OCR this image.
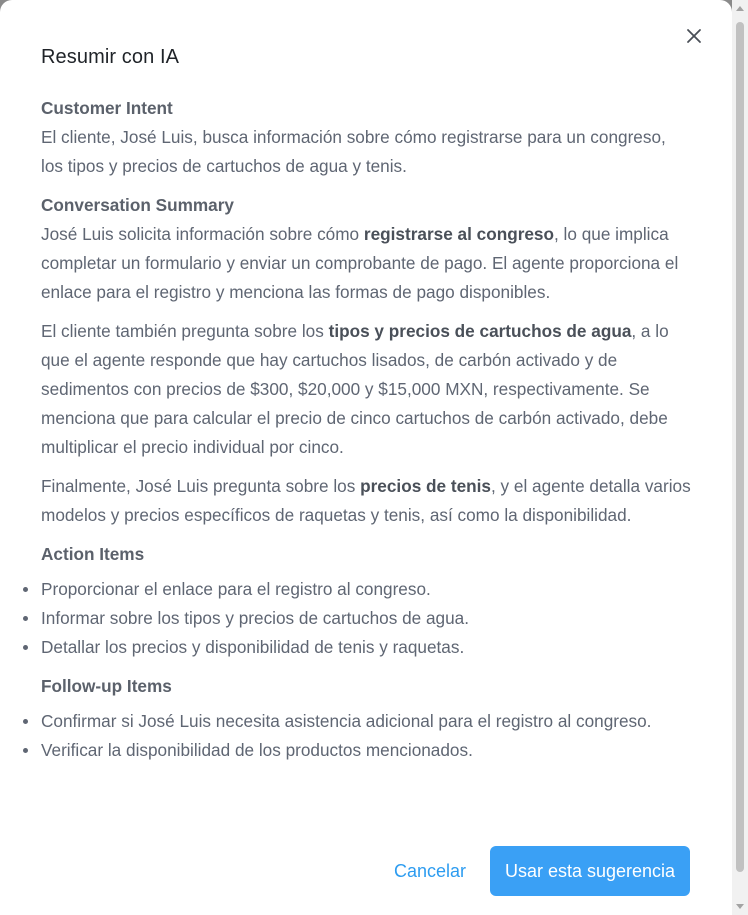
Resumir con IA

Customer Intent

El cliente, José Luis, busca información sobre cómo registrarse para un congreso, los tipos y precios de cartuchos de agua y tenis.

Conversation Summary

José Luis solicita información sobre cómo registrarse al congreso, lo que implica completar un formulario y enviar un comprobante de pago. El agente proporciona el enlace para el registro y menciona las formas de pago disponibles.

El cliente también pregunta sobre los tipos y precios de cartuchos de agua, a lo que el agente responde que hay cartuchos lisados, de carbón activado y de sedimentos con precios de $300, $20,000 y $15,000 MXN, respectivamente. Se menciona que para calcular el precio de cinco cartuchos de carbón activado, debe multiplicar el precio individual por cinco.

Finalmente, José Luis pregunta sobre los precios de tenis, y el agente detalla varios modelos y precios específicos de raquetas y tenis, así como la disponibilidad.

Action Items

Proporcionar el enlace para el registro al congreso.
Informar sobre los tipos y precios de cartuchos de agua.
Detallar los precios y disponibilidad de tenis y raquetas.

Follow-up Items

Confirmar si José Luis necesita asistencia adicional para el registro al congreso.
Verificar la disponibilidad de los productos mencionados.
Cancelar	Usar esta sugerencia
